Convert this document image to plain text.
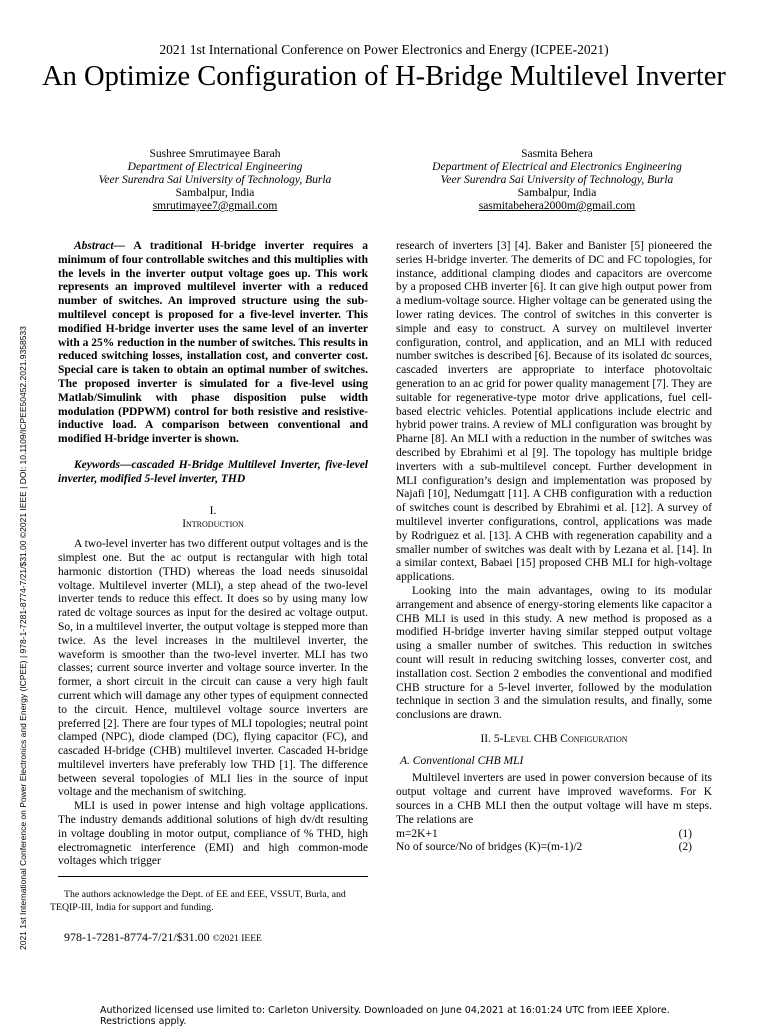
2021 1st International Conference on Power Electronics and Energy (ICPEE-2021)
An Optimize Configuration of H-Bridge Multilevel Inverter
Sushree Smrutimayee Barah
Department of Electrical Engineering
Veer Surendra Sai University of Technology, Burla
Sambalpur, India
smrutimayee7@gmail.com
Sasmita Behera
Department of Electrical and Electronics Engineering
Veer Surendra Sai University of Technology, Burla
Sambalpur, India
sasmitabehera2000m@gmail.com

Abstract— A traditional H-bridge inverter requires a minimum of four controllable switches and this multiplies with the levels in the inverter output voltage goes up. This work represents an improved multilevel inverter with a reduced number of switches. An improved structure using the sub-multilevel concept is proposed for a five-level inverter. This modified H-bridge inverter uses the same level of an inverter with a 25% reduction in the number of switches. This results in reduced switching losses, installation cost, and converter cost. Special care is taken to obtain an optimal number of switches. The proposed inverter is simulated for a five-level using Matlab/Simulink with phase disposition pulse width modulation (PDPWM) control for both resistive and resistive-inductive load. A comparison between conventional and modified H-bridge inverter is shown.

Keywords—cascaded H-Bridge Multilevel Inverter, five-level inverter, modified 5-level inverter, THD

I.

Introduction

A two-level inverter has two different output voltages and is the simplest one. But the ac output is rectangular with high total harmonic distortion (THD) whereas the load needs sinusoidal voltage. Multilevel inverter (MLI), a step ahead of the two-level inverter tends to reduce this effect. It does so by using many low rated dc voltage sources as input for the desired ac voltage output. So, in a multilevel inverter, the output voltage is stepped more than twice. As the level increases in the multilevel inverter, the waveform is smoother than the two-level inverter. MLI has two classes; current source inverter and voltage source inverter. In the former, a short circuit in the circuit can cause a very high fault current which will damage any other types of equipment connected to the circuit. Hence, multilevel voltage source inverters are preferred [2]. There are four types of MLI topologies; neutral point clamped (NPC), diode clamped (DC), flying capacitor (FC), and cascaded H-bridge (CHB) multilevel inverter. Cascaded H-bridge multilevel inverters have preferably low THD [1]. The difference between several topologies of MLI lies in the source of input voltage and the mechanism of switching.

MLI is used in power intense and high voltage applications. The industry demands additional solutions of high dv/dt resulting in voltage doubling in motor output, compliance of % THD, high electromagnetic interference (EMI) and high common-mode voltages which trigger

research of inverters [3] [4]. Baker and Banister [5] pioneered the series H-bridge inverter. The demerits of DC and FC topologies, for instance, additional clamping diodes and capacitors are overcome by a proposed CHB inverter [6]. It can give high output power from a medium-voltage source. Higher voltage can be generated using the lower rating devices. The control of switches in this converter is simple and easy to construct. A survey on multilevel inverter configuration, control, and application, and an MLI with reduced number switches is described [6]. Because of its isolated dc sources, cascaded inverters are appropriate to interface photovoltaic generation to an ac grid for power quality management [7]. They are suitable for regenerative-type motor drive applications, fuel cell-based electric vehicles. Potential applications include electric and hybrid power trains. A review of MLI configuration was brought by Pharne [8]. An MLI with a reduction in the number of switches was described by Ebrahimi et al [9]. The topology has multiple bridge inverters with a sub-multilevel concept. Further development in MLI configuration’s design and implementation was proposed by Najafi [10], Nedumgatt [11]. A CHB configuration with a reduction of switches count is described by Ebrahimi et al. [12]. A survey of multilevel inverter configurations, control, applications was made by Rodriguez et al. [13]. A CHB with regeneration capability and a smaller number of switches was dealt with by Lezana et al. [14]. In a similar context, Babaei [15] proposed CHB MLI for high-voltage applications.

Looking into the main advantages, owing to its modular arrangement and absence of energy-storing elements like capacitor a CHB MLI is used in this study. A new method is proposed as a modified H-bridge inverter having similar stepped output voltage using a smaller number of switches. This reduction in switches count will result in reducing switching losses, converter cost, and installation cost. Section 2 embodies the conventional and modified CHB structure for a 5-level inverter, followed by the modulation technique in section 3 and the simulation results, and finally, some conclusions are drawn.

II. 5-Level CHB Configuration

A. Conventional CHB MLI

Multilevel inverters are used in power conversion because of its output voltage and current have improved waveforms. For K sources in a CHB MLI then the output voltage will have m steps. The relations are

m=2K+1	(1)

No of source/No of bridges (K)=(m-1)/2	(2)

The authors acknowledge the Dept. of EE and EEE, VSSUT, Burla, and TEQIP-III, India for support and funding.
978-1-7281-8774-7/21/$31.00 ©2021 IEEE
2021 1st International Conference on Power Electronics and Energy (ICPEE) | 978-1-7281-8774-7/21/$31.00 ©2021 IEEE | DOI: 10.1109/ICPEE50452.2021.9358533
Authorized licensed use limited to: Carleton University. Downloaded on June 04,2021 at 16:01:24 UTC from IEEE Xplore. Restrictions apply.
